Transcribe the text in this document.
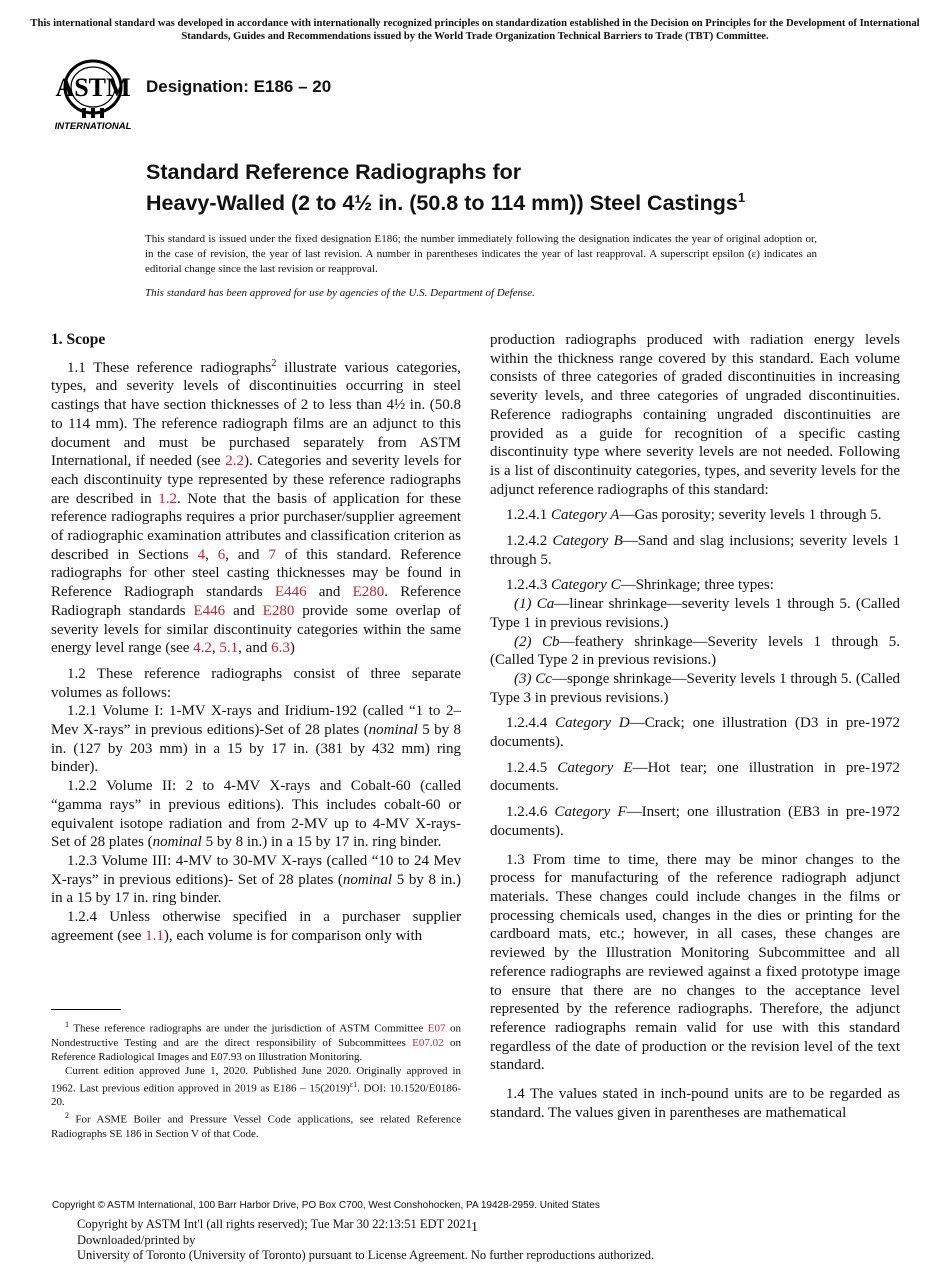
This international standard was developed in accordance with internationally recognized principles on standardization established in the Decision on Principles for the Development of International Standards, Guides and Recommendations issued by the World Trade Organization Technical Barriers to Trade (TBT) Committee.
ASTM
INTERNATIONAL
Designation: E186 – 20
Standard Reference Radiographs for
Heavy-Walled (2 to 4½ in. (50.8 to 114 mm)) Steel Castings$^1$
This standard is issued under the fixed designation E186; the number immediately following the designation indicates the year of original adoption or, in the case of revision, the year of last revision. A number in parentheses indicates the year of last reapproval. A superscript epsilon (ε) indicates an editorial change since the last revision or reapproval.
This standard has been approved for use by agencies of the U.S. Department of Defense.
1. Scope

1.1 These reference radiographs$^2$ illustrate various categories, types, and severity levels of discontinuities occurring in steel castings that have section thicknesses of 2 to less than 4½ in. (50.8 to 114 mm). The reference radiograph films are an adjunct to this document and must be purchased separately from ASTM International, if needed (see 2.2). Categories and severity levels for each discontinuity type represented by these reference radiographs are described in 1.2. Note that the basis of application for these reference radiographs requires a prior purchaser/supplier agreement of radiographic examination attributes and classification criterion as described in Sections 4, 6, and 7 of this standard. Reference radiographs for other steel casting thicknesses may be found in Reference Radiograph standards E446 and E280. Reference Radiograph standards E446 and E280 provide some overlap of severity levels for similar discontinuity categories within the same energy level range (see 4.2, 5.1, and 6.3)

1.2 These reference radiographs consist of three separate volumes as follows:

1.2.1 Volume I: 1-MV X-rays and Iridium-192 (called “1 to 2–Mev X-rays” in previous editions)-Set of 28 plates (nominal 5 by 8 in. (127 by 203 mm) in a 15 by 17 in. (381 by 432 mm) ring binder).

1.2.2 Volume II: 2 to 4-MV X-rays and Cobalt-60 (called “gamma rays” in previous editions). This includes cobalt-60 or equivalent isotope radiation and from 2-MV up to 4-MV X-rays- Set of 28 plates (nominal 5 by 8 in.) in a 15 by 17 in. ring binder.

1.2.3 Volume III: 4-MV to 30-MV X-rays (called “10 to 24 Mev X-rays” in previous editions)- Set of 28 plates (nominal 5 by 8 in.) in a 15 by 17 in. ring binder.

1.2.4 Unless otherwise specified in a purchaser supplier agreement (see 1.1), each volume is for comparison only with

$^1$ These reference radiographs are under the jurisdiction of ASTM Committee E07 on Nondestructive Testing and are the direct responsibility of Subcommittees E07.02 on Reference Radiological Images and E07.93 on Illustration Monitoring.

Current edition approved June 1, 2020. Published June 2020. Originally approved in 1962. Last previous edition approved in 2019 as $E186 - 15(2019)^{\varepsilon 1}$. DOI: 10.1520/E0186-20.

$^2$ For ASME Boiler and Pressure Vessel Code applications, see related Reference Radiographs SE 186 in Section V of that Code.

production radiographs produced with radiation energy levels within the thickness range covered by this standard. Each volume consists of three categories of graded discontinuities in increasing severity levels, and three categories of ungraded discontinuities. Reference radiographs containing ungraded discontinuities are provided as a guide for recognition of a specific casting discontinuity type where severity levels are not needed. Following is a list of discontinuity categories, types, and severity levels for the adjunct reference radiographs of this standard:

1.2.4.1 Category A—Gas porosity; severity levels 1 through 5.

1.2.4.2 Category B—Sand and slag inclusions; severity levels 1 through 5.

1.2.4.3 Category C—Shrinkage; three types:

(1) Ca—linear shrinkage—severity levels 1 through 5. (Called Type 1 in previous revisions.)

(2) Cb—feathery shrinkage—Severity levels 1 through 5. (Called Type 2 in previous revisions.)

(3) Cc—sponge shrinkage—Severity levels 1 through 5. (Called Type 3 in previous revisions.)

1.2.4.4 Category D—Crack; one illustration (D3 in pre-1972 documents).

1.2.4.5 Category E—Hot tear; one illustration in pre-1972 documents.

1.2.4.6 Category F—Insert; one illustration (EB3 in pre-1972 documents).

1.3 From time to time, there may be minor changes to the process for manufacturing of the reference radiograph adjunct materials. These changes could include changes in the films or processing chemicals used, changes in the dies or printing for the cardboard mats, etc.; however, in all cases, these changes are reviewed by the Illustration Monitoring Subcommittee and all reference radiographs are reviewed against a fixed prototype image to ensure that there are no changes to the acceptance level represented by the reference radiographs. Therefore, the adjunct reference radiographs remain valid for use with this standard regardless of the date of production or the revision level of the text standard.

1.4 The values stated in inch-pound units are to be regarded as standard. The values given in parentheses are mathematical

Copyright © ASTM International, 100 Barr Harbor Drive, PO Box C700, West Conshohocken, PA 19428-2959. United States
Copyright by ASTM Int'l (all rights reserved); Tue Mar 30 22:13:51 EDT 2021
Downloaded/printed by
University of Toronto (University of Toronto) pursuant to License Agreement. No further reproductions authorized.
1
